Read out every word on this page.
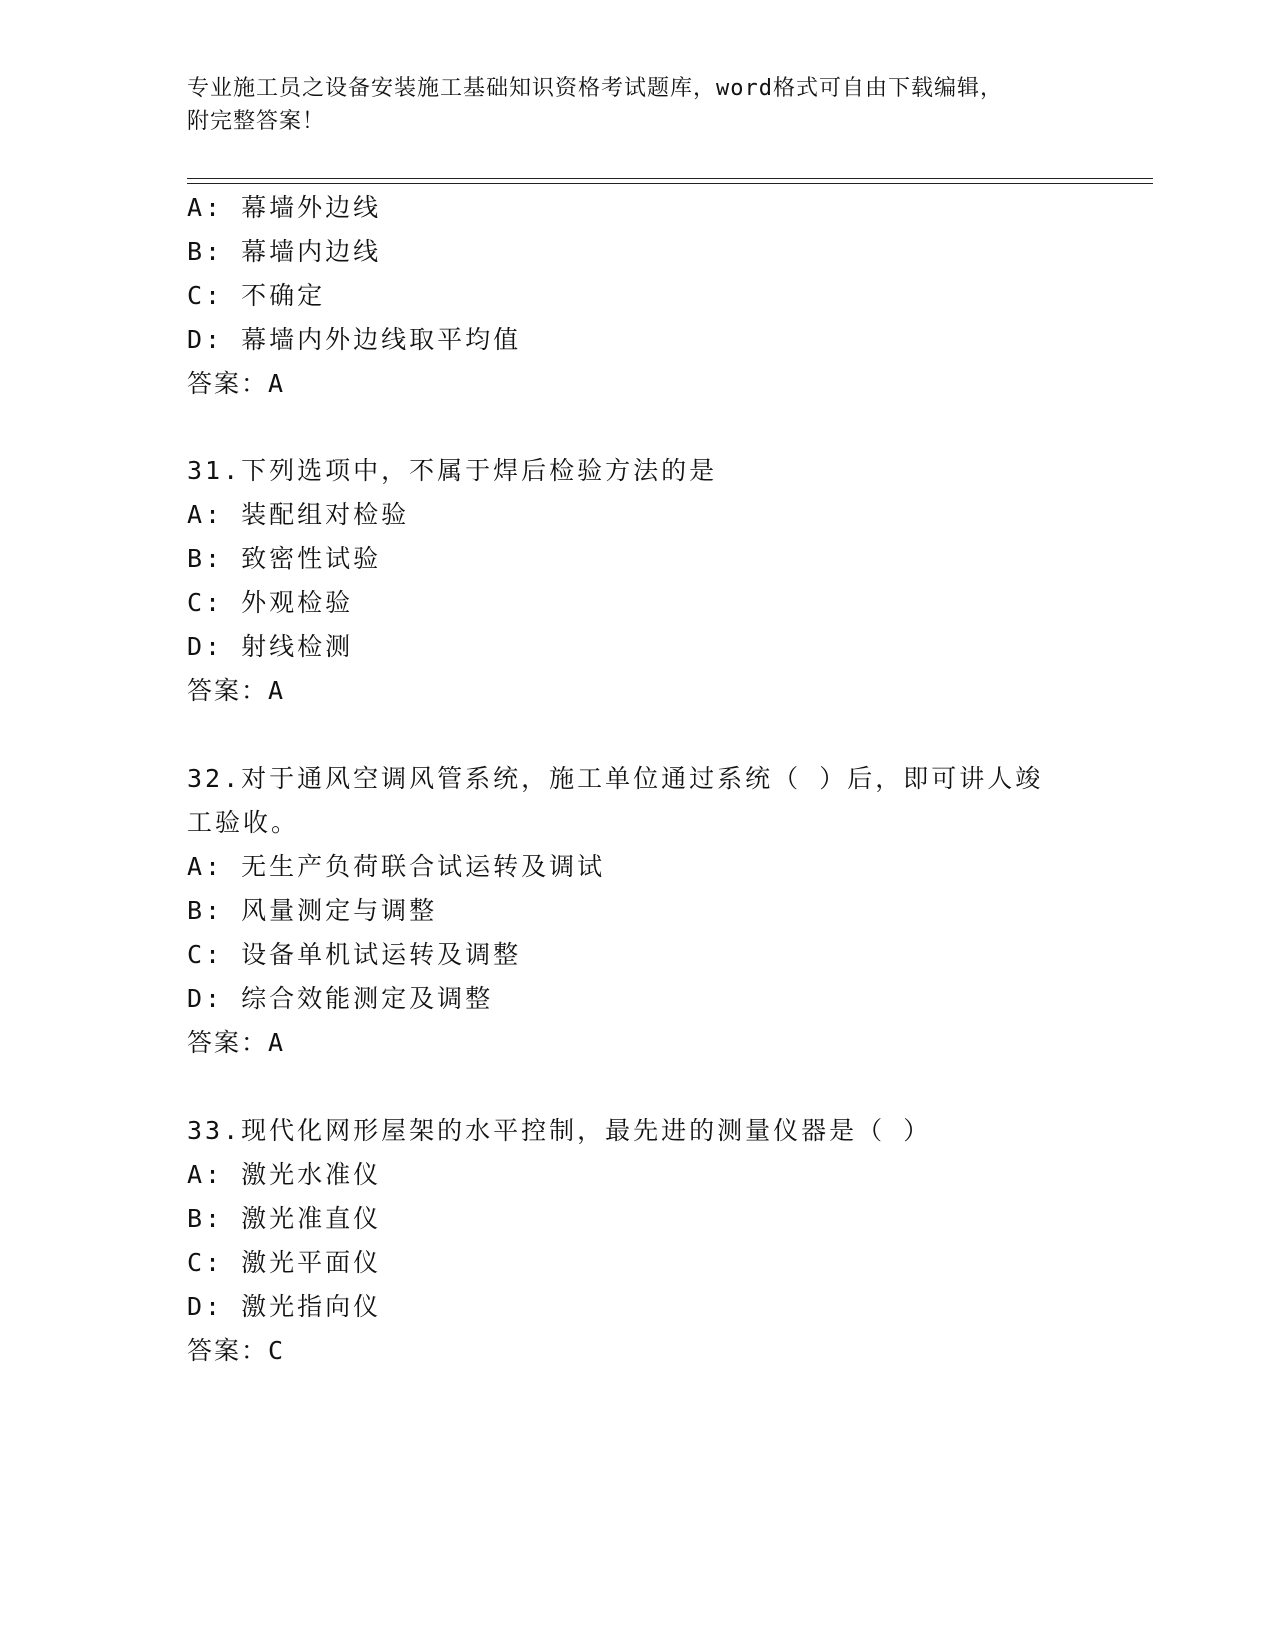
专业施工员之设备安装施工基础知识资格考试题库，word格式可自由下载编辑，
附完整答案！
A: 幕墙外边线
B: 幕墙内边线
C: 不确定
D: 幕墙内外边线取平均值
答案：A
31.下列选项中，不属于焊后检验方法的是
A: 装配组对检验
B: 致密性试验
C: 外观检验
D: 射线检测
答案：A
32.对于通风空调风管系统，施工单位通过系统（ ）后，即可讲人竣
工验收。
A: 无生产负荷联合试运转及调试
B: 风量测定与调整
C: 设备单机试运转及调整
D: 综合效能测定及调整
答案：A
33.现代化网形屋架的水平控制，最先进的测量仪器是（ ）
A: 激光水准仪
B: 激光准直仪
C: 激光平面仪
D: 激光指向仪
答案：C
